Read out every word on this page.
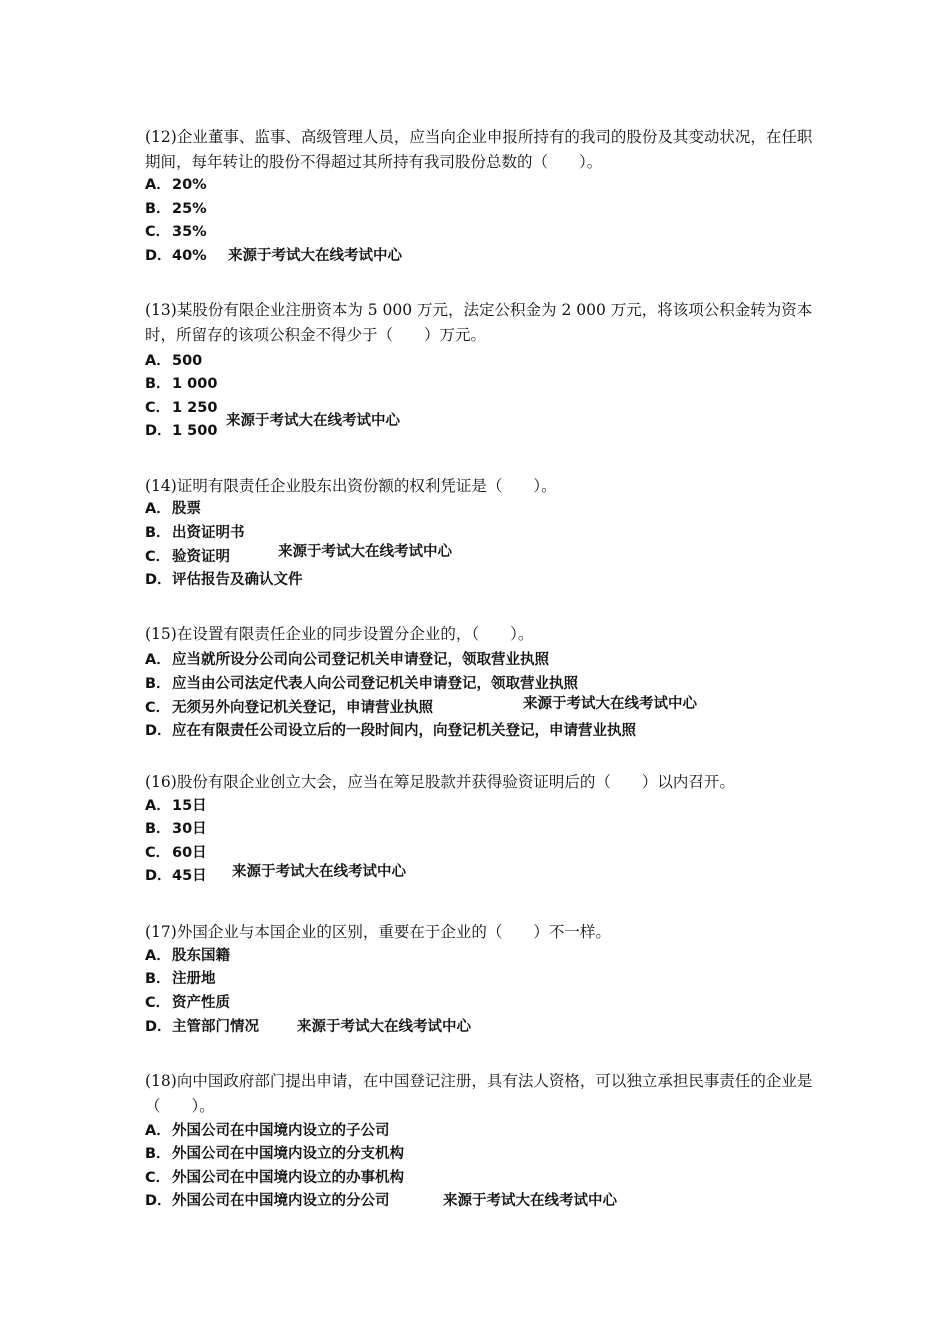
(12)企业董事、监事、高级管理人员，应当向企业申报所持有的我司的股份及其变动状况，在任职期间，每年转让的股份不得超过其所持有我司股份总数的（　　）。
A．20%
B．25%
C． 35%
D．40% 来源于考试大在线考试中心
(13)某股份有限企业注册资本为 5 000 万元，法定公积金为 2 000 万元，将该项公积金转为资本时，所留存的该项公积金不得少于（　　）万元。
A．500
B．1 000
C． 1 250
D．1 500
来源于考试大在线考试中心
(14)证明有限责任企业股东出资份额的权利凭证是（　　）。
A．股票
B．出资证明书
C． 验资证明
D．评估报告及确认文件
来源于考试大在线考试中心
(15)在设置有限责任企业的同步设置分企业的，（　　）。
A．应当就所设分公司向公司登记机关申请登记，领取营业执照
B．应当由公司法定代表人向公司登记机关申请登记，领取营业执照
C． 无须另外向登记机关登记，申请营业执照
D．应在有限责任公司设立后的一段时间内，向登记机关登记，申请营业执照
来源于考试大在线考试中心
(16)股份有限企业创立大会，应当在筹足股款并获得验资证明后的（　　）以内召开。
A．15日
B．30日
C． 60日
D．45日 来源于考试大在线考试中心
(17)外国企业与本国企业的区别，重要在于企业的（　　）不一样。
A．股东国籍
B．注册地
C． 资产性质
D．主管部门情况	来源于考试大在线考试中心
(18)向中国政府部门提出申请，在中国登记注册，具有法人资格，可以独立承担民事责任的企业是（　　）。
A．外国公司在中国境内设立的子公司
B．外国公司在中国境内设立的分支机构
C． 外国公司在中国境内设立的办事机构
D．外国公司在中国境内设立的分公司	来源于考试大在线考试中心
